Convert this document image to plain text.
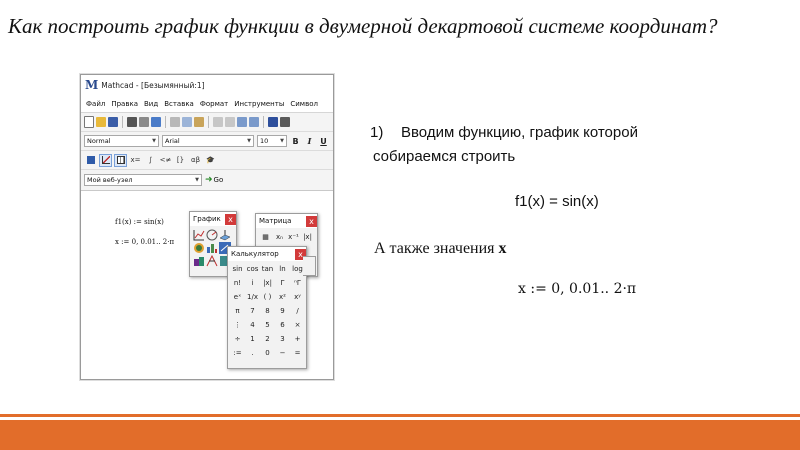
Как построить график функции в двумерной декартовой системе координат?
M Mathcad - [Безымянный:1]
Файл Правка Вид Вставка Формат Инструменты Символ
Normal	▼ Arial	▼ 10 ▼	B	I	U
x=	∫	<≠ [} αβ 🎓
Мой веб-узел	▼ ➜ Go
f1(x) := sin(x)
x := 0, 0.01.. 2·π
График x	Матрица	x
▦	xₙ x⁻¹ |x|
Калькулятор	x
sin cos tan ln log
n!	i	|x|	Γ	ⁿΓ
eˣ 1/x ( )	x²	xʸ
π	7	8	9	/
⋮	4	5	6	×
÷	1	2	3	+
:=	.	0	−	=
1) Вводим функцию, график которой
собираемся строить
f1(x) = sin(x)
А также значения x
x := 0, 0.01.. 2·π
